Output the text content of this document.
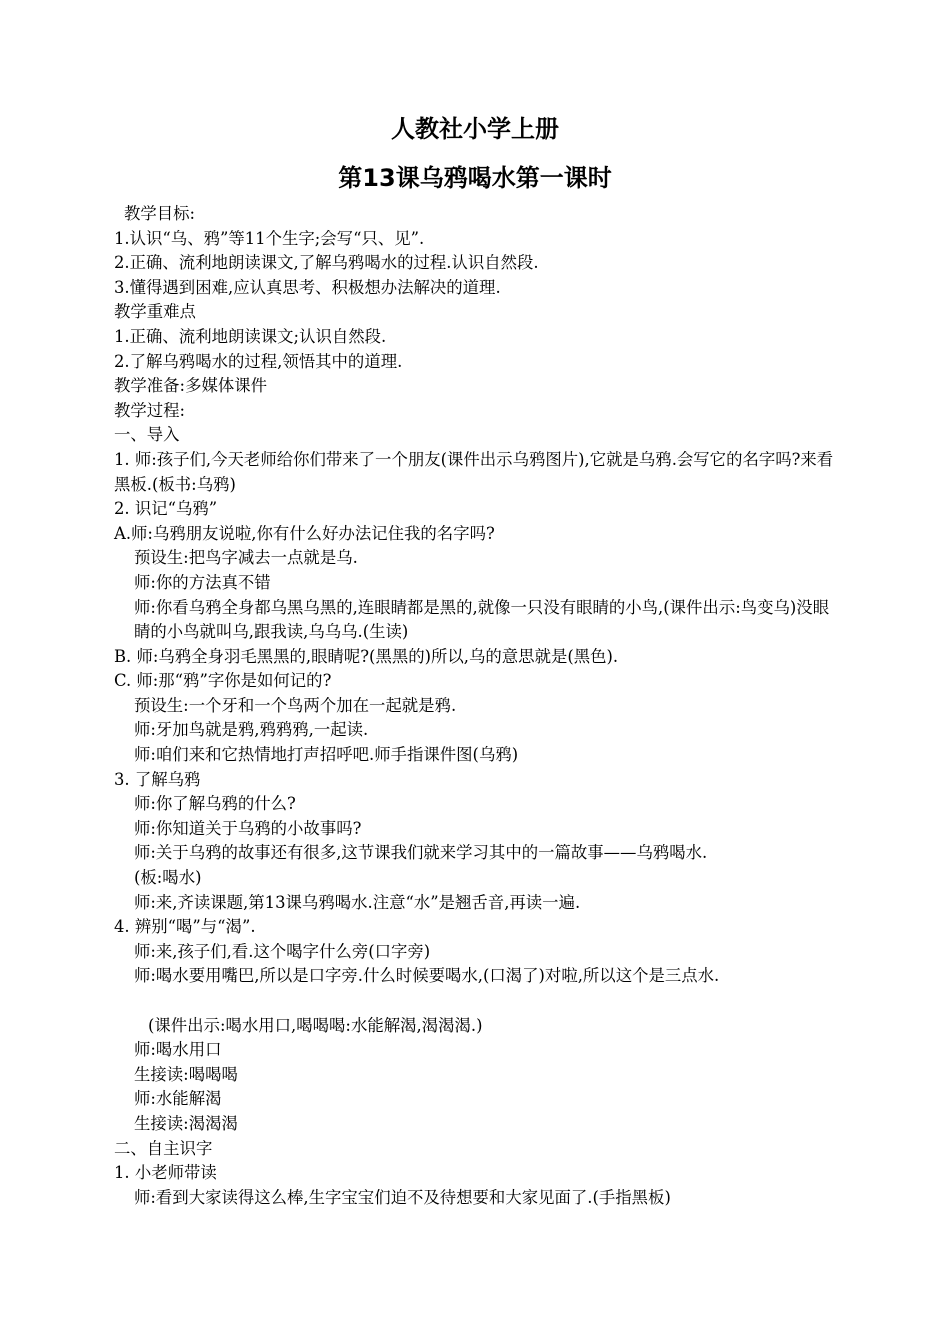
人教社小学上册
第13课乌鸦喝水第一课时
教学目标:
1.认识“乌、鸦”等11个生字;会写“只、见”.
2.正确、流利地朗读课文,了解乌鸦喝水的过程.认识自然段.
3.懂得遇到困难,应认真思考、积极想办法解决的道理.
教学重难点
1.正确、流利地朗读课文;认识自然段.
2.了解乌鸦喝水的过程,领悟其中的道理.
教学准备:多媒体课件
教学过程:
一、导入
1. 师:孩子们,今天老师给你们带来了一个朋友(课件出示乌鸦图片),它就是乌鸦.会写它的名字吗?来看黑板.(板书:乌鸦)
2. 识记“乌鸦”
A.师:乌鸦朋友说啦,你有什么好办法记住我的名字吗?
预设生:把鸟字减去一点就是乌.
师:你的方法真不错
师:你看乌鸦全身都乌黑乌黑的,连眼睛都是黑的,就像一只没有眼睛的小鸟,(课件出示:鸟变乌)没眼睛的小鸟就叫乌,跟我读,乌乌乌.(生读)
B. 师:乌鸦全身羽毛黑黑的,眼睛呢?(黑黑的)所以,乌的意思就是(黑色).
C. 师:那“鸦”字你是如何记的?
预设生:一个牙和一个鸟两个加在一起就是鸦.
师:牙加鸟就是鸦,鸦鸦鸦,一起读.
师:咱们来和它热情地打声招呼吧.师手指课件图(乌鸦)
3. 了解乌鸦
师:你了解乌鸦的什么?
师:你知道关于乌鸦的小故事吗?
师:关于乌鸦的故事还有很多,这节课我们就来学习其中的一篇故事——乌鸦喝水.
(板:喝水)
师:来,齐读课题,第13课乌鸦喝水.注意“水”是翘舌音,再读一遍.
4. 辨别“喝”与“渴”.
师:来,孩子们,看.这个喝字什么旁(口字旁)
师:喝水要用嘴巴,所以是口字旁.什么时候要喝水,(口渴了)对啦,所以这个是三点水.
(课件出示:喝水用口,喝喝喝:水能解渴,渴渴渴.)
师:喝水用口
生接读:喝喝喝
师:水能解渴
生接读:渴渴渴
二、自主识字
1. 小老师带读
师:看到大家读得这么棒,生字宝宝们迫不及待想要和大家见面了.(手指黑板)
